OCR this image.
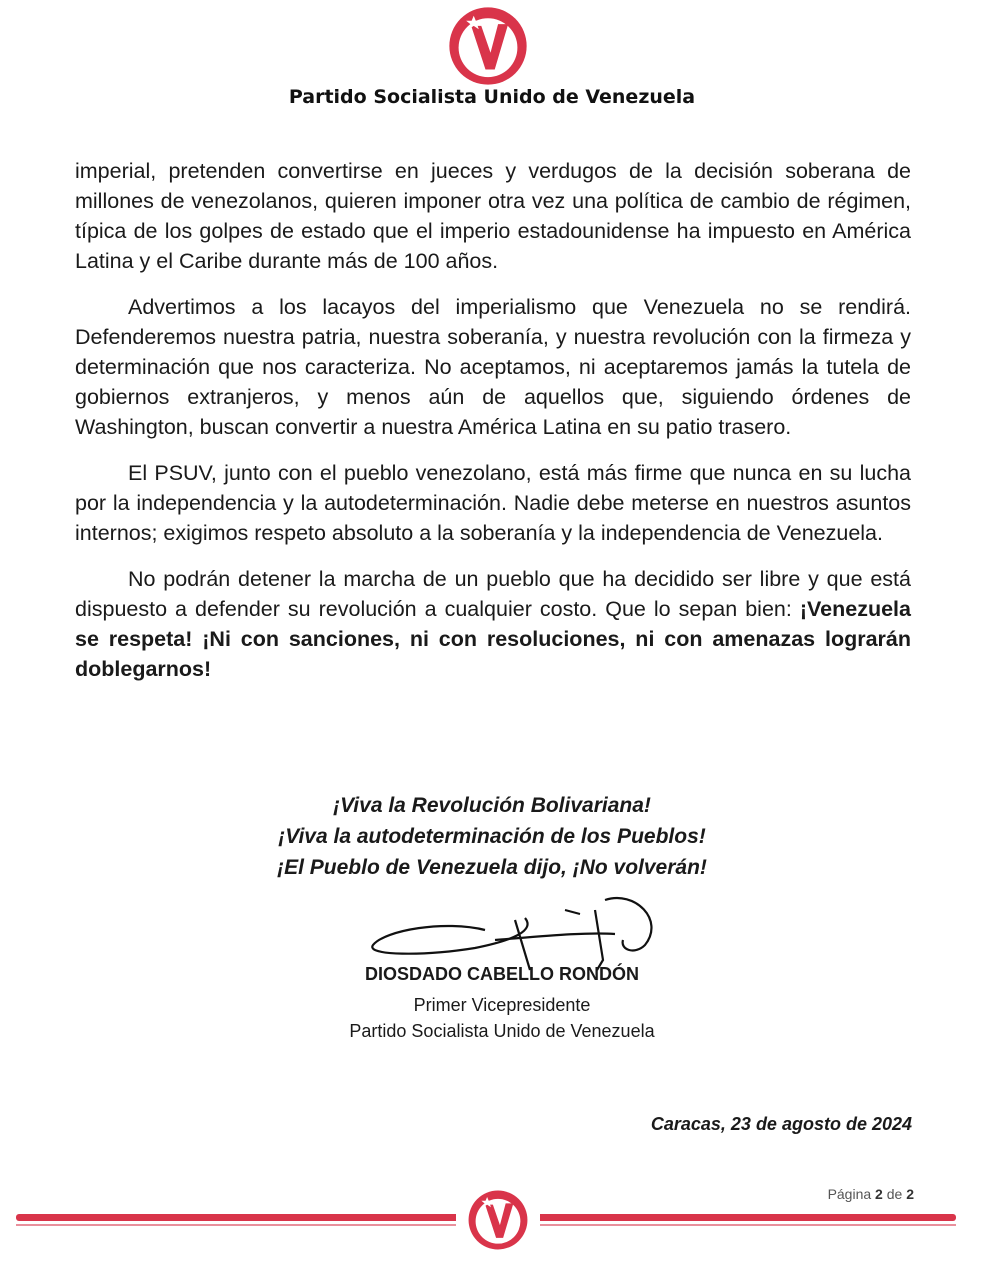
Partido Socialista Unido de Venezuela

imperial, pretenden convertirse en jueces y verdugos de la decisión soberana de millones de venezolanos, quieren imponer otra vez una política de cambio de régimen, típica de los golpes de estado que el imperio estadounidense ha impuesto en América Latina y el Caribe durante más de 100 años.

Advertimos a los lacayos del imperialismo que Venezuela no se rendirá. Defenderemos nuestra patria, nuestra soberanía, y nuestra revolución con la firmeza y determinación que nos caracteriza. No aceptamos, ni aceptaremos jamás la tutela de gobiernos extranjeros, y menos aún de aquellos que, siguiendo órdenes de Washington, buscan convertir a nuestra América Latina en su patio trasero.

El PSUV, junto con el pueblo venezolano, está más firme que nunca en su lucha por la independencia y la autodeterminación. Nadie debe meterse en nuestros asuntos internos; exigimos respeto absoluto a la soberanía y la independencia de Venezuela.

No podrán detener la marcha de un pueblo que ha decidido ser libre y que está dispuesto a defender su revolución a cualquier costo. Que lo sepan bien: ¡Venezuela se respeta! ¡Ni con sanciones, ni con resoluciones, ni con amenazas lograrán doblegarnos!

¡Viva la Revolución Bolivariana!
¡Viva la autodeterminación de los Pueblos!
¡El Pueblo de Venezuela dijo, ¡No volverán!
DIOSDADO CABELLO RONDÓN
Primer Vicepresidente
Partido Socialista Unido de Venezuela
Caracas, 23 de agosto de 2024
Página 2 de 2
